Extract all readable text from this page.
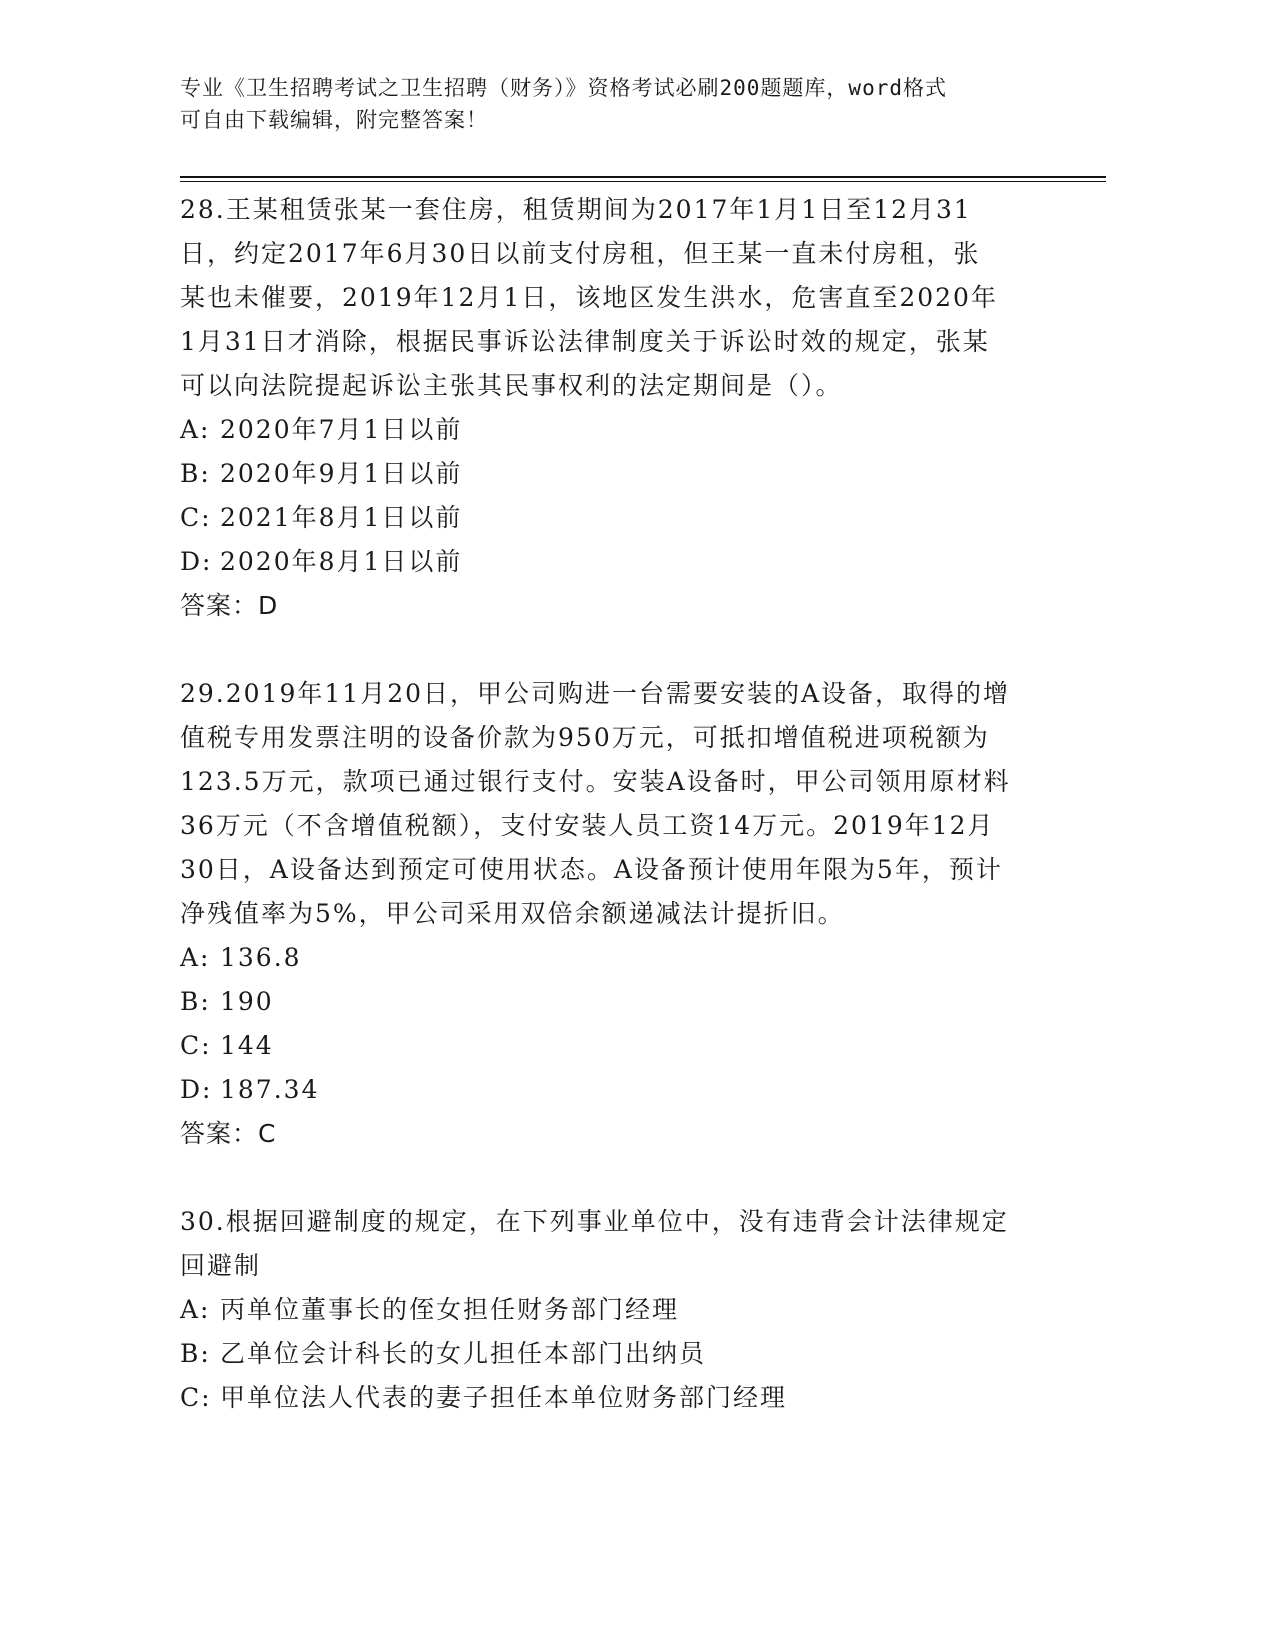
专业《卫生招聘考试之卫生招聘（财务）》资格考试必刷200题题库，word格式
可自由下载编辑，附完整答案！

28.王某租赁张某一套住房，租赁期间为2017年1月1日至12月31

日，约定2017年6月30日以前支付房租，但王某一直未付房租，张

某也未催要，2019年12月1日，该地区发生洪水，危害直至2020年

1月31日才消除，根据民事诉讼法律制度关于诉讼时效的规定，张某

可以向法院提起诉讼主张其民事权利的法定期间是（）。

A: 2020年7月1日以前

B: 2020年9月1日以前

C: 2021年8月1日以前

D: 2020年8月1日以前

答案：D

29.2019年11月20日，甲公司购进一台需要安装的A设备，取得的增

值税专用发票注明的设备价款为950万元，可抵扣增值税进项税额为

123.5万元，款项已通过银行支付。安装A设备时，甲公司领用原材料

36万元（不含增值税额），支付安装人员工资14万元。2019年12月

30日，A设备达到预定可使用状态。A设备预计使用年限为5年，预计

净残值率为5%，甲公司采用双倍余额递减法计提折旧。

A: 136.8

B: 190

C: 144

D: 187.34

答案：C

30.根据回避制度的规定，在下列事业单位中，没有违背会计法律规定

回避制

A: 丙单位董事长的侄女担任财务部门经理

B: 乙单位会计科长的女儿担任本部门出纳员

C: 甲单位法人代表的妻子担任本单位财务部门经理
